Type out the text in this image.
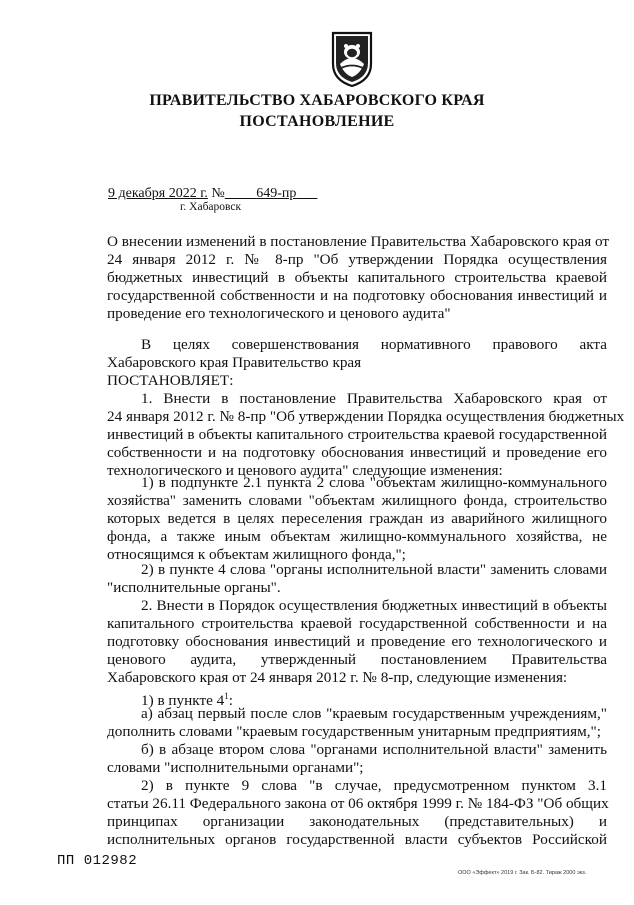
ПРАВИТЕЛЬСТВО ХАБАРОВСКОГО КРАЯ
ПОСТАНОВЛЕНИЕ
9 декабря 2022 г. № 649-пр
г. Хабаровск
О внесении изменений в постановление Правительства Хабаровского края от
24 января 2012 г. № 8-пр "Об утверждении Порядка осуществления
бюджетных инвестиций в объекты капитального строительства краевой
государственной собственности и на подготовку обоснования инвестиций и
проведение его технологического и ценового аудита"
В целях совершенствования нормативного правового акта
Хабаровского края Правительство края
ПОСТАНОВЛЯЕТ:
1. Внести в постановление Правительства Хабаровского края от
24 января 2012 г. № 8-пр "Об утверждении Порядка осуществления бюджетных
инвестиций в объекты капитального строительства краевой государственной
собственности и на подготовку обоснования инвестиций и проведение его
технологического и ценового аудита" следующие изменения:
1) в подпункте 2.1 пункта 2 слова "объектам жилищно-коммунального
хозяйства" заменить словами "объектам жилищного фонда, строительство
которых ведется в целях переселения граждан из аварийного жилищного
фонда, а также иным объектам жилищно-коммунального хозяйства, не
относящимся к объектам жилищного фонда,";
2) в пункте 4 слова "органы исполнительной власти" заменить словами
"исполнительные органы".
2. Внести в Порядок осуществления бюджетных инвестиций в объекты
капитального строительства краевой государственной собственности и на
подготовку обоснования инвестиций и проведение его технологического и
ценового аудита, утвержденный постановлением Правительства
Хабаровского края от 24 января 2012 г. № 8-пр, следующие изменения:
1) в пункте $4^1$:
а) абзац первый после слов "краевым государственным учреждениям,"
дополнить словами "краевым государственным унитарным предприятиям,";
б) в абзаце втором слова "органами исполнительной власти" заменить
словами "исполнительными органами";
2) в пункте 9 слова "в случае, предусмотренном пунктом 3.1
статьи 26.11 Федерального закона от 06 октября 1999 г. № 184-ФЗ "Об общих
принципах организации законодательных (представительных) и
исполнительных органов государственной власти субъектов Российской
ПП 012982
ООО «Эффект» 2019 г. Зак. Б-82. Тираж 2000 экз.
